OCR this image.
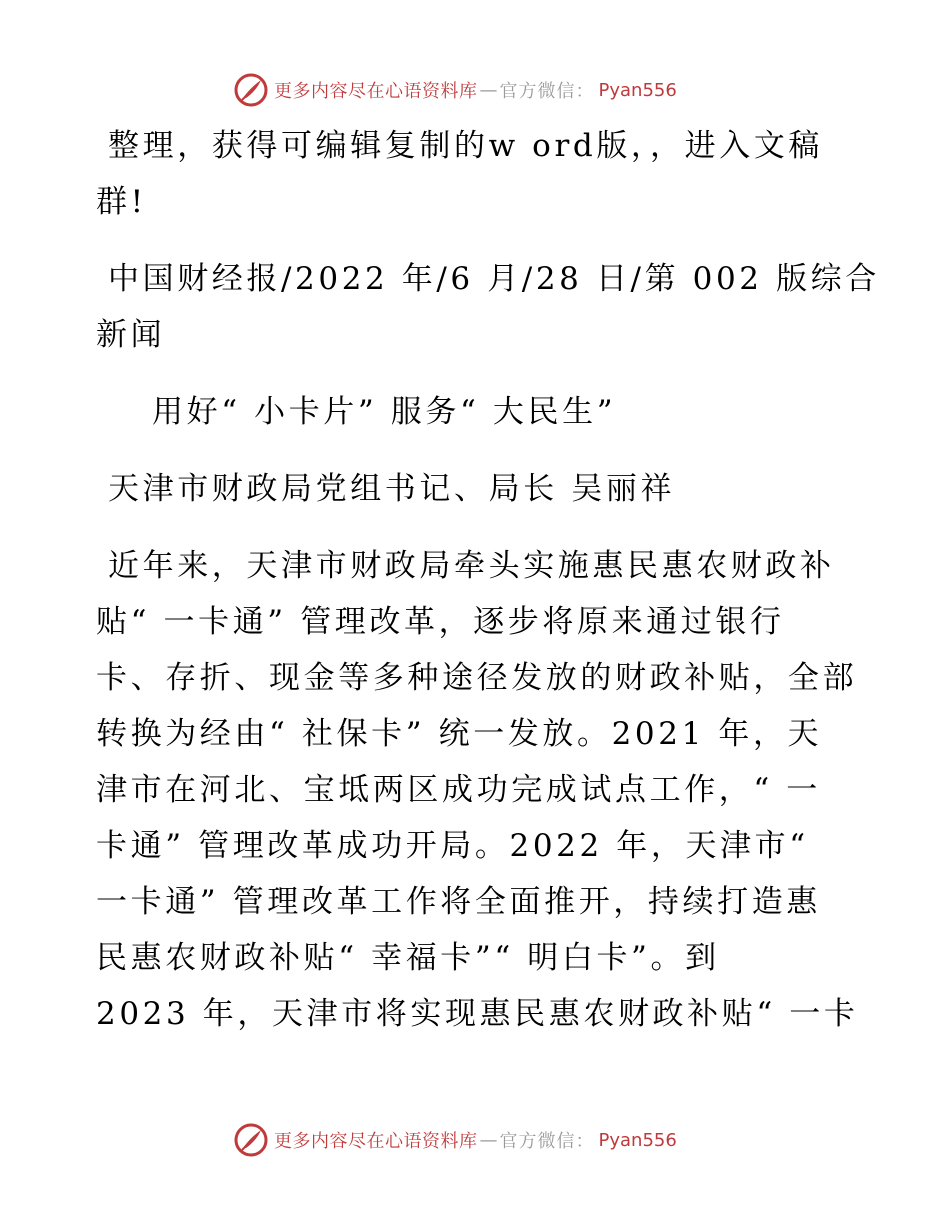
更多内容尽在心语资料库 — 官方微信： Pyan556
整理，获得可编辑复制的w ord版，，进入文稿
群!
中国财经报/2022 年/6 月/28 日/第 002 版综合
新闻
用好“ 小卡片” 服务“ 大民生”
天津市财政局党组书记、局长 吴丽祥
近年来，天津市财政局牵头实施惠民惠农财政补
贴“ 一卡通” 管理改革，逐步将原来通过银行
卡、存折、现金等多种途径发放的财政补贴，全部
转换为经由“ 社保卡” 统一发放。2021 年，天
津市在河北、宝坻两区成功完成试点工作，“ 一
卡通” 管理改革成功开局。2022 年，天津市“
一卡通” 管理改革工作将全面推开，持续打造惠
民惠农财政补贴“ 幸福卡”“ 明白卡”。到
2023 年，天津市将实现惠民惠农财政补贴“ 一卡
更多内容尽在心语资料库 — 官方微信： Pyan556
